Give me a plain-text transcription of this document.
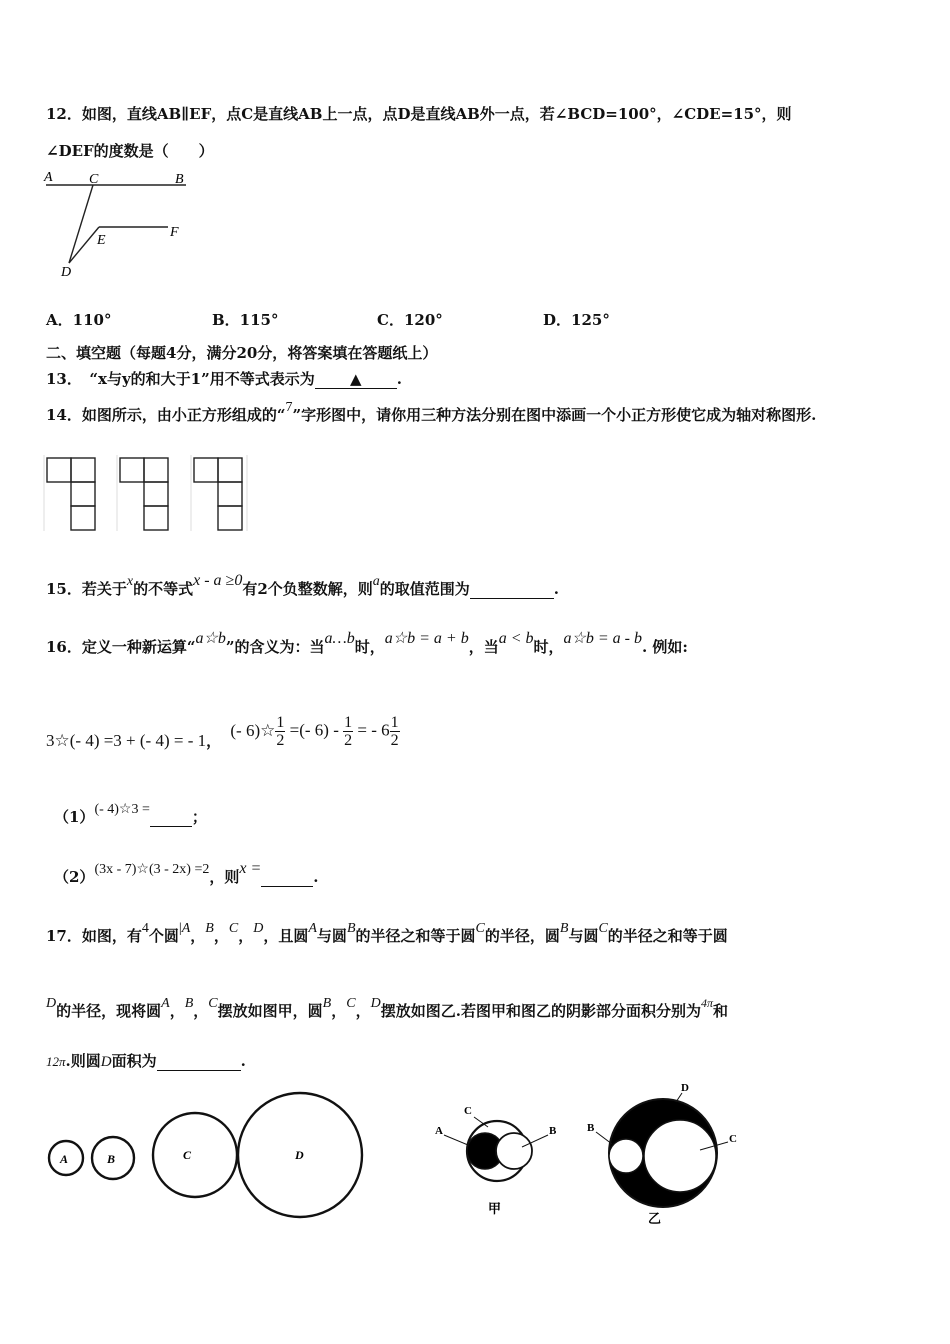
12．如图，直线AB∥EF，点C是直线AB上一点，点D是直线AB外一点，若∠BCD=100°，∠CDE=15°，则
∠DEF的度数是（　　）
A	C	B
E
F
D
A．110°	B．115°	C．120°	D．125°
二、填空题（每题4分，满分20分，将答案填在答题纸上）
13．　“x与y的和大于1”用不等式表示为 ▲ .
14．如图所示，由小正方形组成的“7”字形图中，请你用三种方法分别在图中添画一个小正方形使它成为轴对称图形.
15．若关于x的不等式x - a ≥0有2个负整数解，则a的取值范围为	.
16．定义一种新运算“a☆b”的含义为：当a…b时，a☆b = a + b，当a < b时，a☆b = a - b. 例如:
3☆(- 4) =3 + (- 4) = - 1， (- 6)☆ $\frac{1}{2}$ =(- $6) - \frac{1}{2}$ = - $6 \frac{1}{2}$
（1）(- 4)☆3 =	；
（2）(3x - 7)☆(3 - 2x) =2，则x =	.
17．如图，有4个圆|A，B，C，D，且圆A与圆B的半径之和等于圆C的半径，圆B与圆C的半径之和等于圆
D的半径，现将圆A，B，C摆放如图甲，圆B，C，D摆放如图乙.若图甲和图乙的阴影部分面积分别为$^{4\pi}$和
12π.则圆D面积为	.
A	B	C	D
C
A	B
甲
D
B
C
乙
